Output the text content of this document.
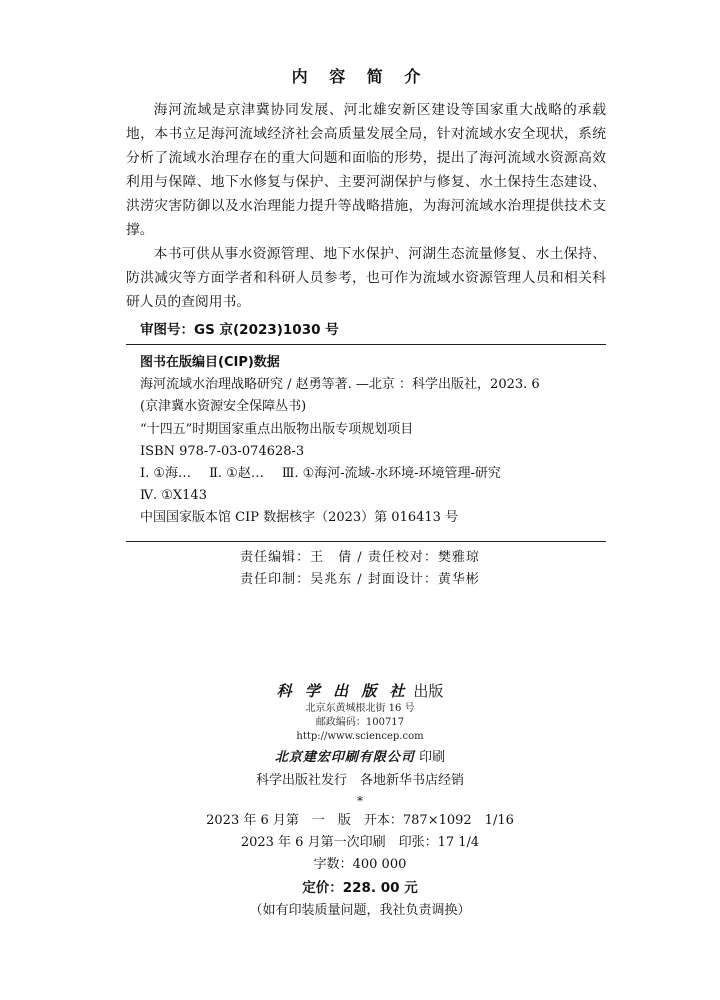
内 容 简 介

海河流域是京津冀协同发展、河北雄安新区建设等国家重大战略的承载地，本书立足海河流域经济社会高质量发展全局，针对流域水安全现状，系统分析了流域水治理存在的重大问题和面临的形势，提出了海河流域水资源高效利用与保障、地下水修复与保护、主要河湖保护与修复、水土保持生态建设、洪涝灾害防御以及水治理能力提升等战略措施，为海河流域水治理提供技术支撑。

本书可供从事水资源管理、地下水保护、河湖生态流量修复、水土保持、防洪减灾等方面学者和科研人员参考，也可作为流域水资源管理人员和相关科研人员的查阅用书。

审图号：GS 京(2023)1030 号
图书在版编目(CIP)数据
海河流域水治理战略研究 / 赵勇等著. —北京 ：科学出版社，2023. 6
(京津冀水资源安全保障丛书)
“十四五”时期国家重点出版物出版专项规划项目
ISBN 978-7-03-074628-3
Ⅰ. ①海… Ⅱ. ①赵… Ⅲ. ①海河-流域-水环境-环境管理-研究
Ⅳ. ①X143
中国国家版本馆 CIP 数据核字（2023）第 016413 号
责任编辑：王　倩 / 责任校对：樊雅琼
责任印制：吴兆东 / 封面设计：黄华彬
科 学 出 版 社 出版
北京东黄城根北街 16 号
邮政编码：100717
http://www.sciencep.com
北京建宏印刷有限公司 印刷
科学出版社发行　各地新华书店经销
*
2023 年 6 月第　一　版　开本：787×1092　1/16
2023 年 6 月第一次印刷　印张：17 1/4
字数：400 000
定价：228. 00 元
（如有印装质量问题，我社负责调换）
